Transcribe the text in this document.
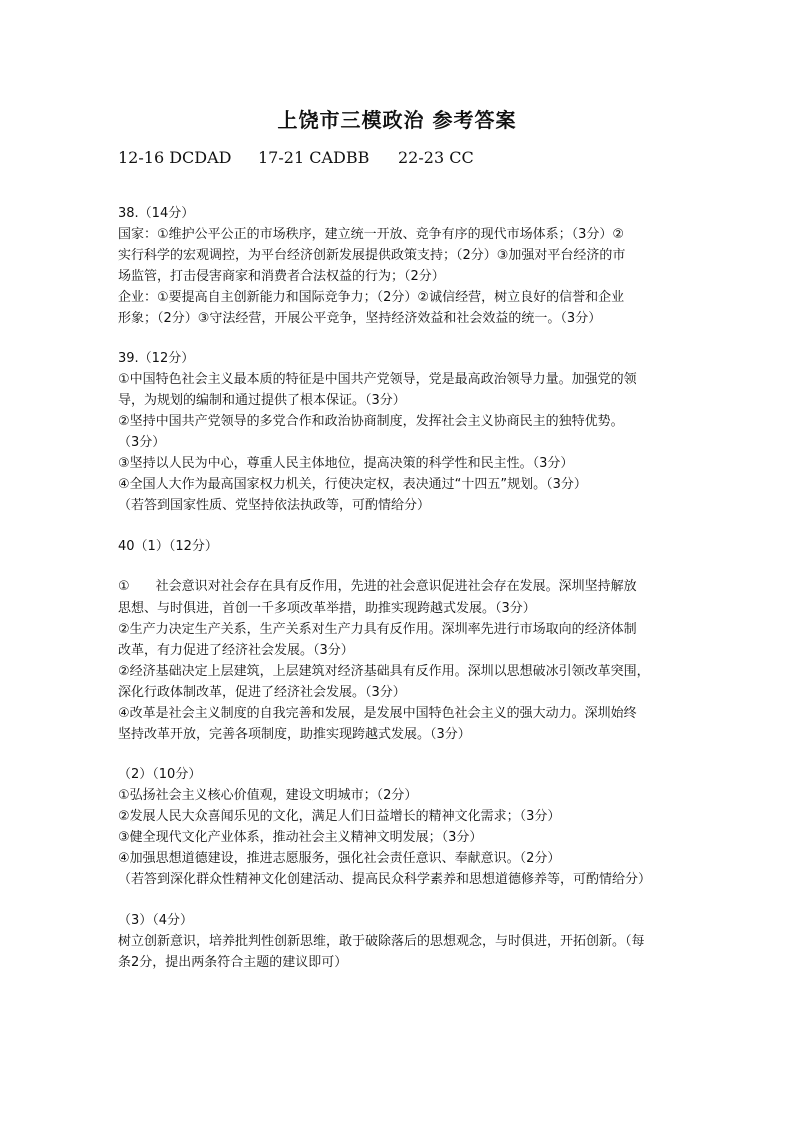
上饶市三模政治 参考答案
12-16 DCDAD 17-21 CADBB 22-23 CC
38.（14分）
国家：①维护公平公正的市场秩序，建立统一开放、竞争有序的现代市场体系；（3分）②
实行科学的宏观调控，为平台经济创新发展提供政策支持；（2分）③加强对平台经济的市
场监管，打击侵害商家和消费者合法权益的行为；（2分）
企业：①要提高自主创新能力和国际竞争力；（2分）②诚信经营，树立良好的信誉和企业
形象；（2分）③守法经营，开展公平竞争，坚持经济效益和社会效益的统一。（3分）
39.（12分）
①中国特色社会主义最本质的特征是中国共产党领导，党是最高政治领导力量。加强党的领
导，为规划的编制和通过提供了根本保证。（3分）
②坚持中国共产党领导的多党合作和政治协商制度，发挥社会主义协商民主的独特优势。
（3分）
③坚持以人民为中心，尊重人民主体地位，提高决策的科学性和民主性。（3分）
④全国人大作为最高国家权力机关，行使决定权，表决通过“十四五”规划。（3分）
（若答到国家性质、党坚持依法执政等，可酌情给分）
40（1）（12分）
①　　社会意识对社会存在具有反作用，先进的社会意识促进社会存在发展。深圳坚持解放
思想、与时俱进，首创一千多项改革举措，助推实现跨越式发展。（3分）
②生产力决定生产关系，生产关系对生产力具有反作用。深圳率先进行市场取向的经济体制
改革，有力促进了经济社会发展。（3分）
②经济基础决定上层建筑，上层建筑对经济基础具有反作用。深圳以思想破冰引领改革突围，
深化行政体制改革，促进了经济社会发展。（3分）
④改革是社会主义制度的自我完善和发展，是发展中国特色社会主义的强大动力。深圳始终
坚持改革开放，完善各项制度，助推实现跨越式发展。（3分）
（2）（10分）
①弘扬社会主义核心价值观，建设文明城市；（2分）
②发展人民大众喜闻乐见的文化，满足人们日益增长的精神文化需求；（3分）
③健全现代文化产业体系，推动社会主义精神文明发展；（3分）
④加强思想道德建设，推进志愿服务，强化社会责任意识、奉献意识。（2分）
（若答到深化群众性精神文化创建活动、提高民众科学素养和思想道德修养等，可酌情给分）
（3）（4分）
树立创新意识，培养批判性创新思维，敢于破除落后的思想观念，与时俱进，开拓创新。（每
条2分，提出两条符合主题的建议即可）
